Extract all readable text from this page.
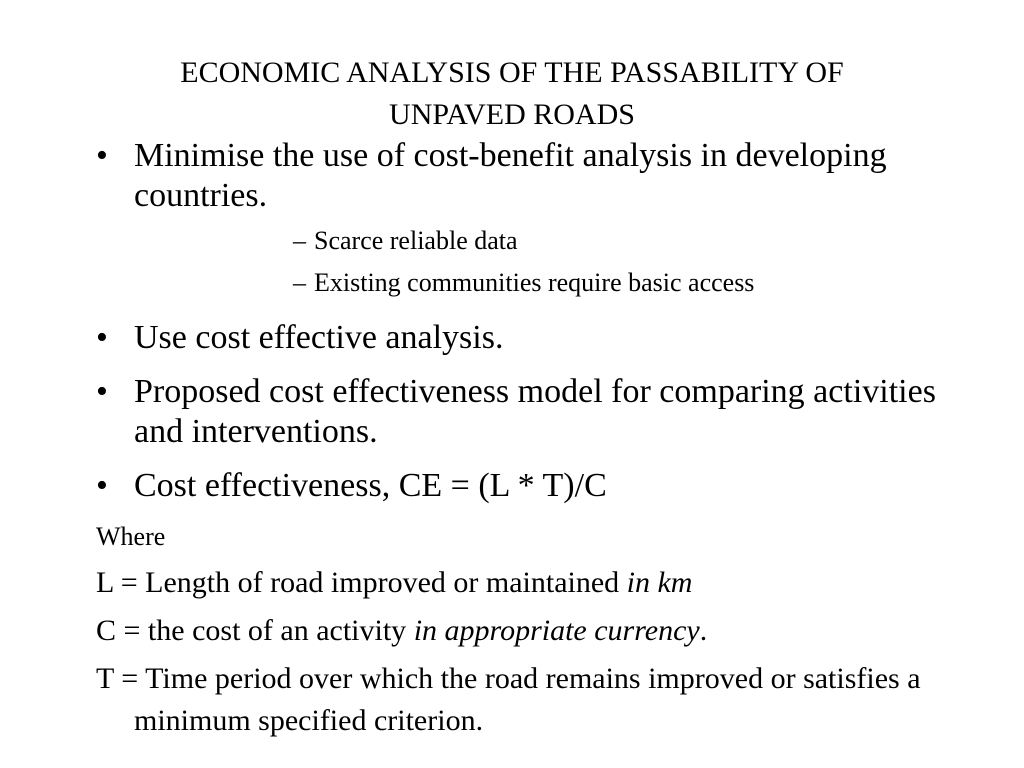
ECONOMIC ANALYSIS OF THE PASSABILITY OF
UNPAVED ROADS
• Minimise the use of cost-benefit analysis in developing countries.
– Scarce reliable data
– Existing communities require basic access
• Use cost effective analysis.
• Proposed cost effectiveness model for comparing activities and interventions.
• Cost effectiveness, CE = (L * T)/C
Where

L = Length of road improved or maintained in km

C = the cost of an activity in appropriate currency.

T = Time period over which the road remains improved or satisfies a minimum specified criterion.
